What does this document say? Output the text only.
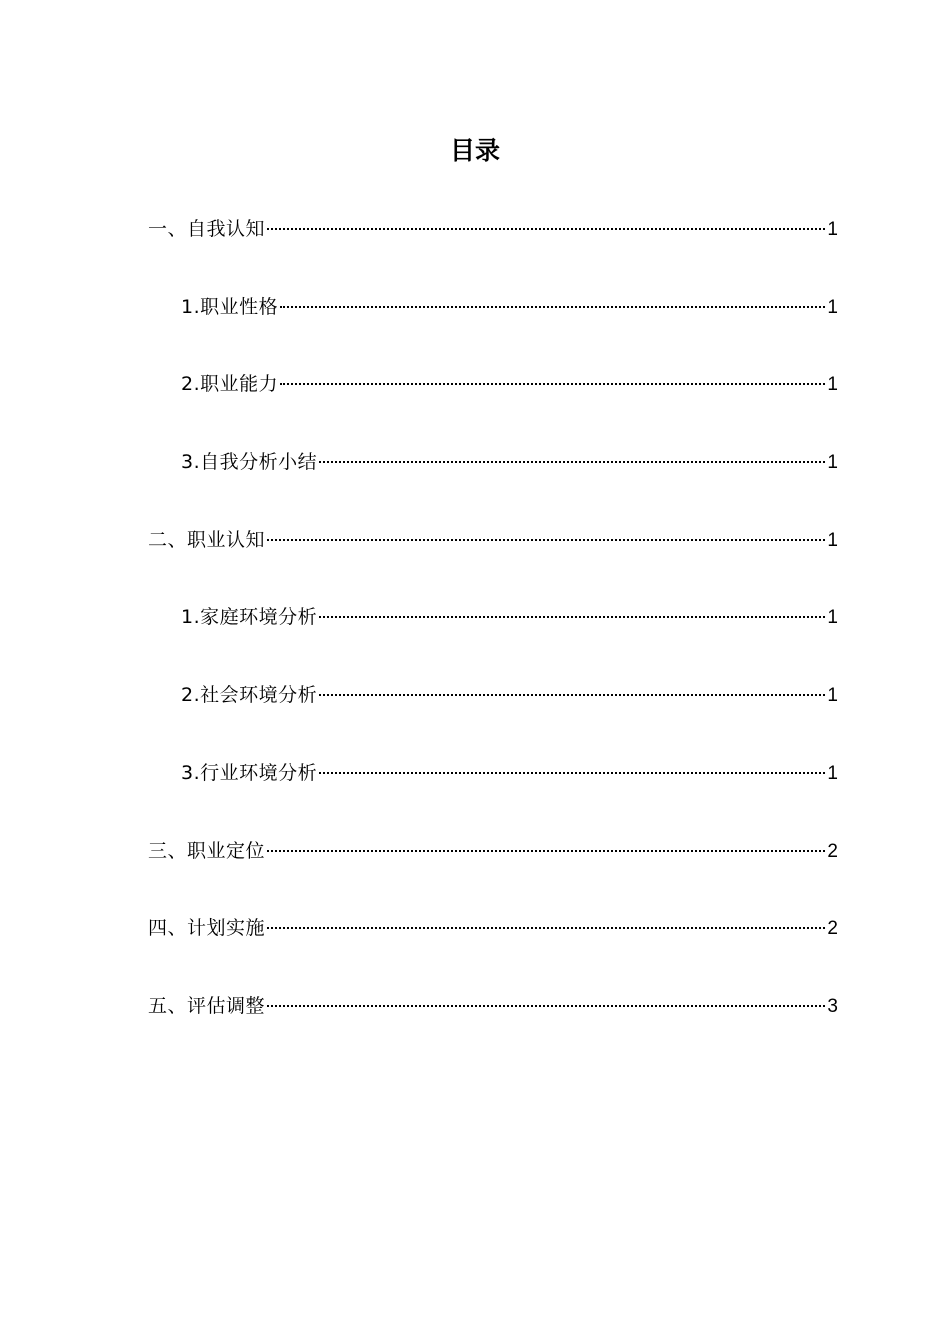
目录
一、自我认知	1
1.职业性格	1
2.职业能力	1
3.自我分析小结	1
二、职业认知	1
1.家庭环境分析	1
2.社会环境分析	1
3.行业环境分析	1
三、职业定位	2
四、计划实施	2
五、评估调整	3
